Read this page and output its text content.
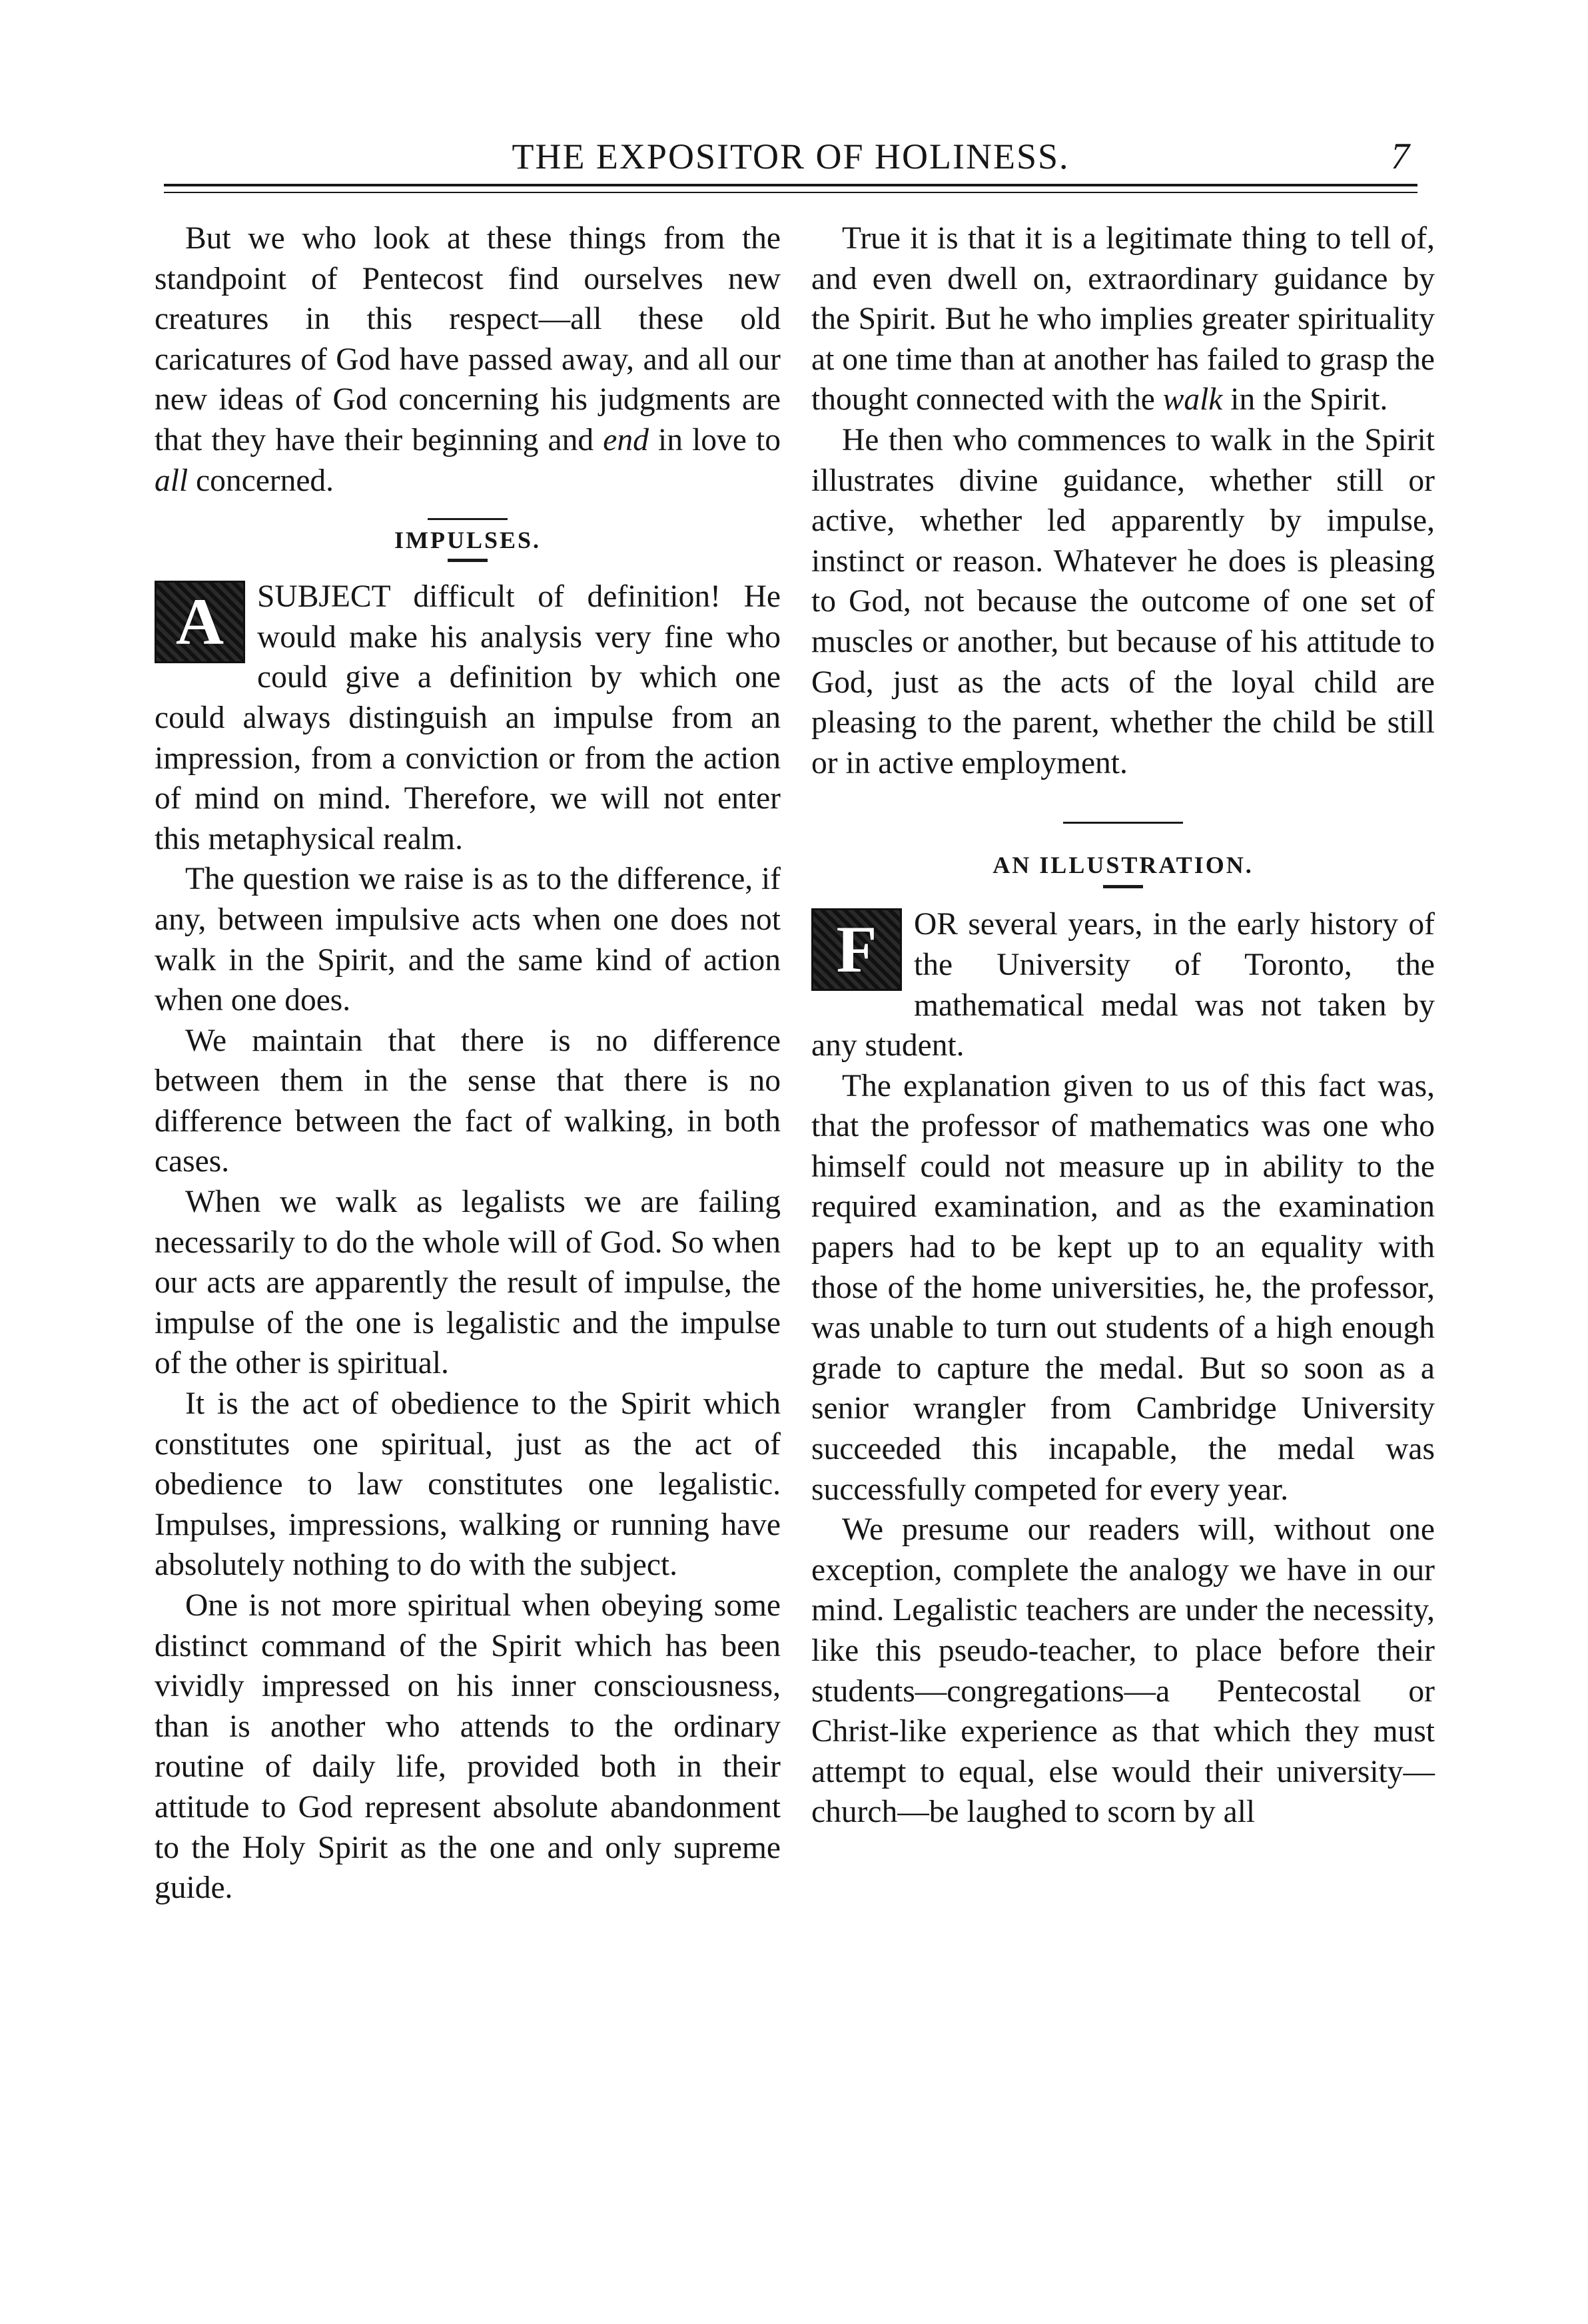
THE EXPOSITOR OF HOLINESS.	7

But we who look at these things from the standpoint of Pentecost find ourselves new creatures in this respect—all these old caricatures of God have passed away, and all our new ideas of God concerning his judgments are that they have their beginning and end in love to all concerned.

IMPULSES.

A SUBJECT difficult of definition! He would make his analysis very fine who could give a definition by which one could always distinguish an impulse from an impression, from a conviction or from the action of mind on mind. Therefore, we will not enter this metaphysical realm.

The question we raise is as to the difference, if any, between impulsive acts when one does not walk in the Spirit, and the same kind of action when one does.

We maintain that there is no difference between them in the sense that there is no difference between the fact of walking, in both cases.

When we walk as legalists we are failing necessarily to do the whole will of God. So when our acts are apparently the result of impulse, the impulse of the one is legalistic and the impulse of the other is spiritual.

It is the act of obedience to the Spirit which constitutes one spiritual, just as the act of obedience to law constitutes one legalistic. Impulses, impressions, walking or running have absolutely nothing to do with the subject.

One is not more spiritual when obeying some distinct command of the Spirit which has been vividly impressed on his inner consciousness, than is another who attends to the ordinary routine of daily life, provided both in their attitude to God represent absolute abandonment to the Holy Spirit as the one and only supreme guide.

True it is that it is a legitimate thing to tell of, and even dwell on, extraordinary guidance by the Spirit. But he who implies greater spirituality at one time than at another has failed to grasp the thought connected with the walk in the Spirit.

He then who commences to walk in the Spirit illustrates divine guidance, whether still or active, whether led apparently by impulse, instinct or reason. Whatever he does is pleasing to God, not because the outcome of one set of muscles or another, but because of his attitude to God, just as the acts of the loyal child are pleasing to the parent, whether the child be still or in active employment.

AN ILLUSTRATION.

F OR several years, in the early history of the University of Toronto, the mathematical medal was not taken by any student.

The explanation given to us of this fact was, that the professor of mathematics was one who himself could not measure up in ability to the required examination, and as the examination papers had to be kept up to an equality with those of the home universities, he, the professor, was unable to turn out students of a high enough grade to capture the medal. But so soon as a senior wrangler from Cambridge University succeeded this incapable, the medal was successfully competed for every year.

We presume our readers will, without one exception, complete the analogy we have in our mind. Legalistic teachers are under the necessity, like this pseudo-teacher, to place before their students—congregations—a Pentecostal or Christ-like experience as that which they must attempt to equal, else would their university—church—be laughed to scorn by all
